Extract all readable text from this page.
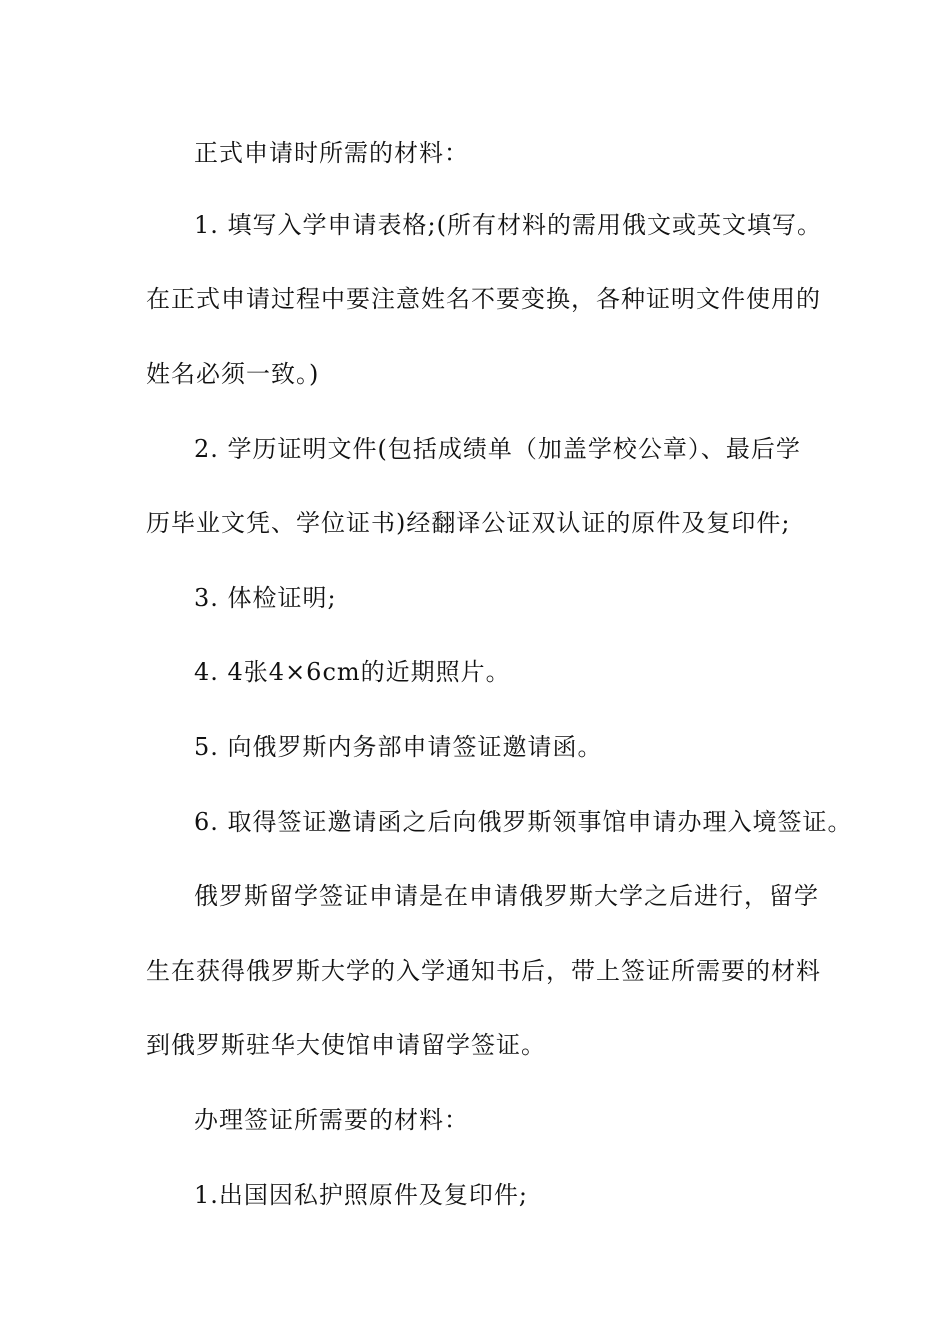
正式申请时所需的材料：

1. 填写入学申请表格;(所有材料的需用俄文或英文填写。

在正式申请过程中要注意姓名不要变换，各种证明文件使用的

姓名必须一致。)

2. 学历证明文件(包括成绩单（加盖学校公章）、最后学

历毕业文凭、学位证书)经翻译公证双认证的原件及复印件;

3. 体检证明;

4. 4张4×6cm的近期照片。

5. 向俄罗斯内务部申请签证邀请函。

6. 取得签证邀请函之后向俄罗斯领事馆申请办理入境签证。

俄罗斯留学签证申请是在申请俄罗斯大学之后进行，留学

生在获得俄罗斯大学的入学通知书后，带上签证所需要的材料

到俄罗斯驻华大使馆申请留学签证。

办理签证所需要的材料：

1.出国因私护照原件及复印件;
